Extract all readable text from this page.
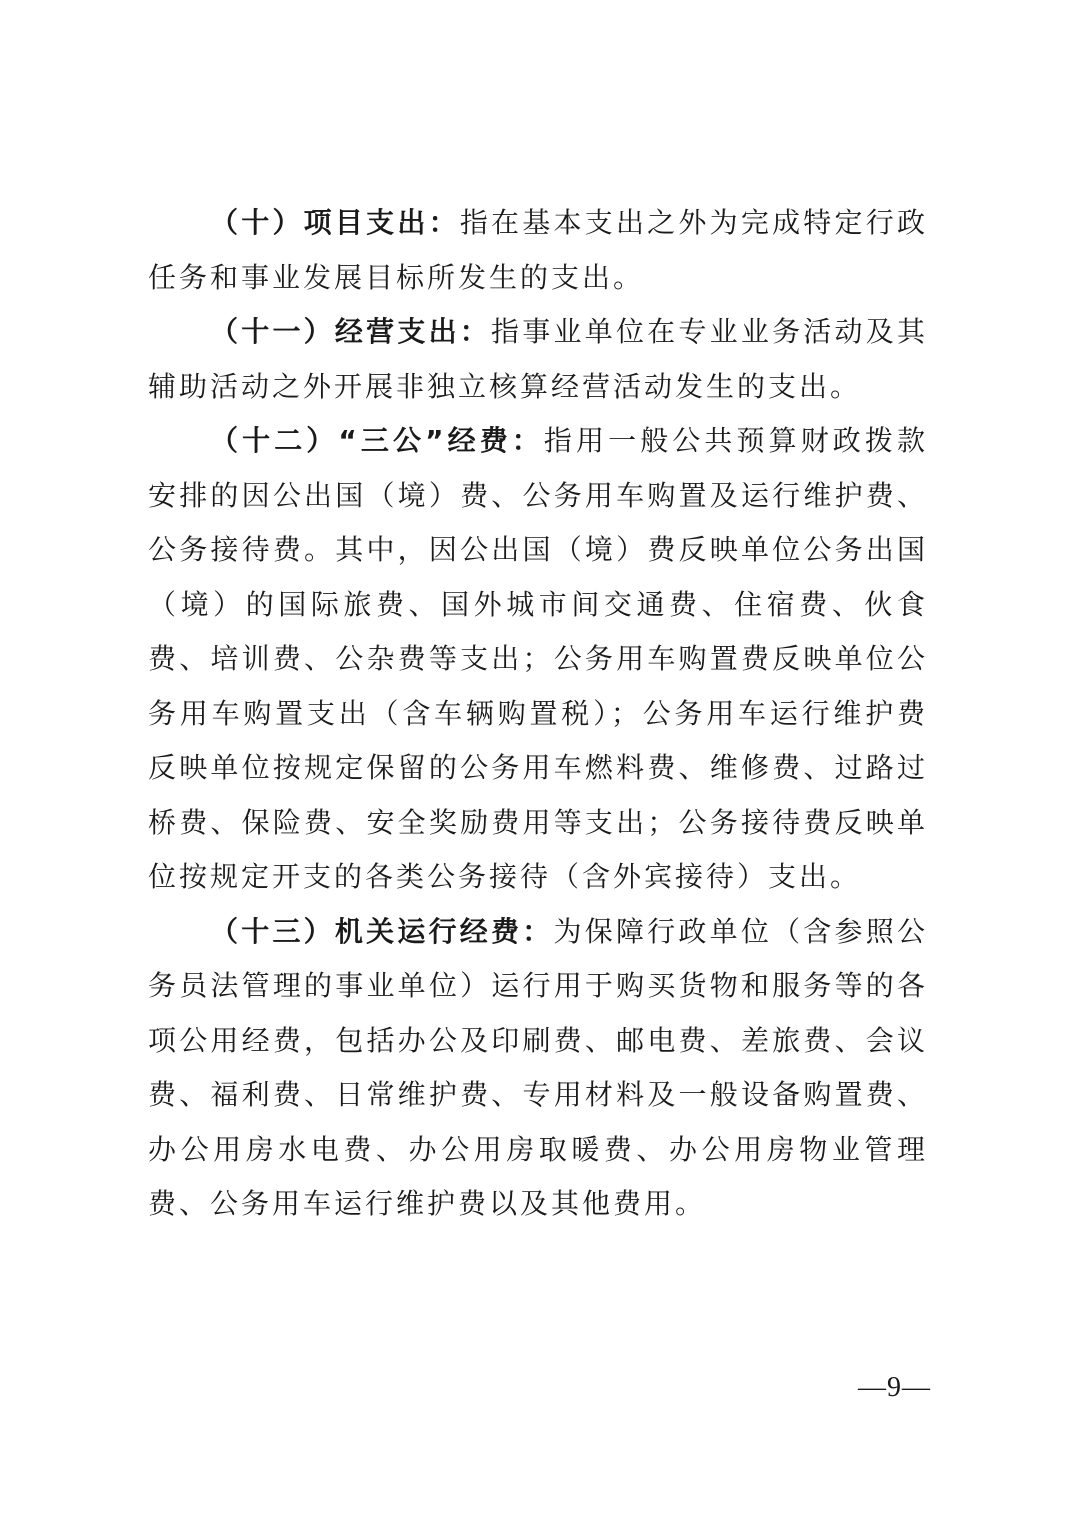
（十）项目支出：指在基本支出之外为完成特定行政任务和事业发展目标所发生的支出。

（十一）经营支出：指事业单位在专业业务活动及其辅助活动之外开展非独立核算经营活动发生的支出。

（十二）“三公”经费：指用一般公共预算财政拨款安排的因公出国（境）费、公务用车购置及运行维护费、公务接待费。其中，因公出国（境）费反映单位公务出国（境）的国际旅费、国外城市间交通费、住宿费、伙食费、培训费、公杂费等支出；公务用车购置费反映单位公务用车购置支出（含车辆购置税）；公务用车运行维护费反映单位按规定保留的公务用车燃料费、维修费、过路过桥费、保险费、安全奖励费用等支出；公务接待费反映单位按规定开支的各类公务接待（含外宾接待）支出。

（十三）机关运行经费：为保障行政单位（含参照公务员法管理的事业单位）运行用于购买货物和服务等的各项公用经费，包括办公及印刷费、邮电费、差旅费、会议费、福利费、日常维护费、专用材料及一般设备购置费、办公用房水电费、办公用房取暖费、办公用房物业管理费、公务用车运行维护费以及其他费用。

—9—
